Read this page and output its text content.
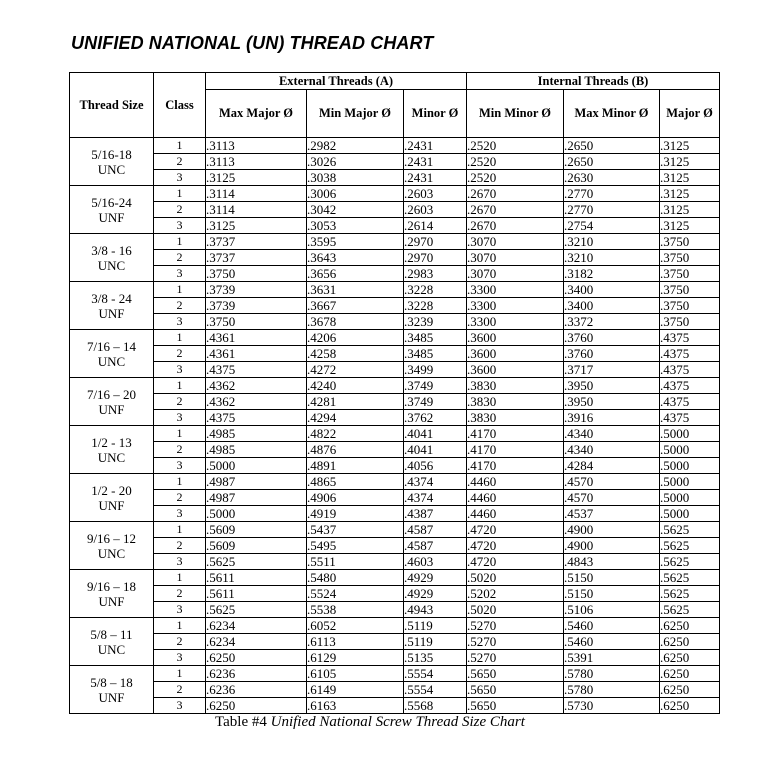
UNIFIED NATIONAL (UN) THREAD CHART
Thread Size	Class	External Threads (A)			Internal Threads (B)		
		Max Major Ø	Min Major Ø	Minor Ø	Min Minor Ø	Max Minor Ø	Major Ø

5/16-18
UNC	1	.3113	.2982	.2431	.2520	.2650	.3125
	2	.3113	.3026	.2431	.2520	.2650	.3125
	3	.3125	.3038	.2431	.2520	.2630	.3125

5/16-24
UNF	1	.3114	.3006	.2603	.2670	.2770	.3125
	2	.3114	.3042	.2603	.2670	.2770	.3125
	3	.3125	.3053	.2614	.2670	.2754	.3125

3/8 - 16
UNC	1	.3737	.3595	.2970	.3070	.3210	.3750
	2	.3737	.3643	.2970	.3070	.3210	.3750
	3	.3750	.3656	.2983	.3070	.3182	.3750

3/8 - 24
UNF	1	.3739	.3631	.3228	.3300	.3400	.3750
	2	.3739	.3667	.3228	.3300	.3400	.3750
	3	.3750	.3678	.3239	.3300	.3372	.3750

7/16 – 14
UNC	1	.4361	.4206	.3485	.3600	.3760	.4375
	2	.4361	.4258	.3485	.3600	.3760	.4375
	3	.4375	.4272	.3499	.3600	.3717	.4375

7/16 – 20
UNF	1	.4362	.4240	.3749	.3830	.3950	.4375
	2	.4362	.4281	.3749	.3830	.3950	.4375
	3	.4375	.4294	.3762	.3830	.3916	.4375

1/2 - 13
UNC	1	.4985	.4822	.4041	.4170	.4340	.5000
	2	.4985	.4876	.4041	.4170	.4340	.5000
	3	.5000	.4891	.4056	.4170	.4284	.5000

1/2 - 20
UNF	1	.4987	.4865	.4374	.4460	.4570	.5000
	2	.4987	.4906	.4374	.4460	.4570	.5000
	3	.5000	.4919	.4387	.4460	.4537	.5000

9/16 – 12
UNC	1	.5609	.5437	.4587	.4720	.4900	.5625
	2	.5609	.5495	.4587	.4720	.4900	.5625
	3	.5625	.5511	.4603	.4720	.4843	.5625

9/16 – 18
UNF	1	.5611	.5480	.4929	.5020	.5150	.5625
	2	.5611	.5524	.4929	.5202	.5150	.5625
	3	.5625	.5538	.4943	.5020	.5106	.5625

5/8 – 11
UNC	1	.6234	.6052	.5119	.5270	.5460	.6250
	2	.6234	.6113	.5119	.5270	.5460	.6250
	3	.6250	.6129	.5135	.5270	.5391	.6250

5/8 – 18
UNF	1	.6236	.6105	.5554	.5650	.5780	.6250
	2	.6236	.6149	.5554	.5650	.5780	.6250
	3	.6250	.6163	.5568	.5650	.5730	.6250
Table #4 Unified National Screw Thread Size Chart
